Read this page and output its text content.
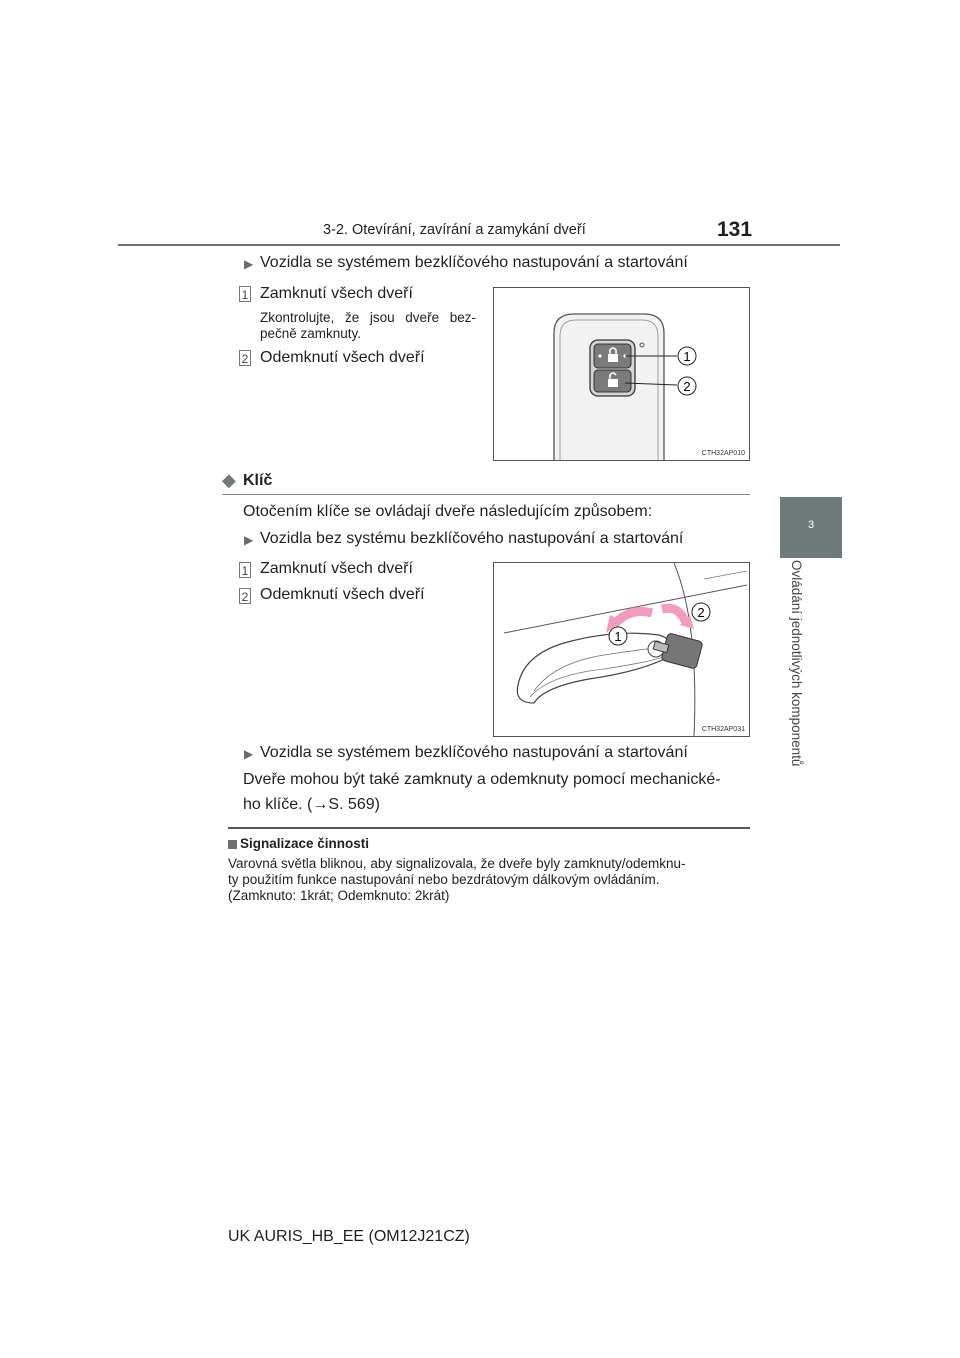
3-2. Otevírání, zavírání a zamykání dveří	131
3
Ovládání jednotlivých komponentů
▶ Vozidla se systémem bezklíčového nastupování a startování
1 Zamknutí všech dveří
Zkontrolujte, že jsou dveře bez-pečně zamknuty.
2 Odemknutí všech dveří	1
2
CTH32AP010
◆ Klíč
Otočením klíče se ovládají dveře následujícím způsobem:
▶ Vozidla bez systému bezklíčového nastupování a startování
1 Zamknutí všech dveří
2 Odemknutí všech dveří
1
2
CTH32AP031
▶ Vozidla se systémem bezklíčového nastupování a startování
Dveře mohou být také zamknuty a odemknuty pomocí mechanické-
ho klíče. (→S. 569)
Signalizace činnosti
Varovná světla bliknou, aby signalizovala, že dveře byly zamknuty/odemknu-
ty použitím funkce nastupování nebo bezdrátovým dálkovým ovládáním.
(Zamknuto: 1krát; Odemknuto: 2krát)
UK AURIS_HB_EE (OM12J21CZ)
